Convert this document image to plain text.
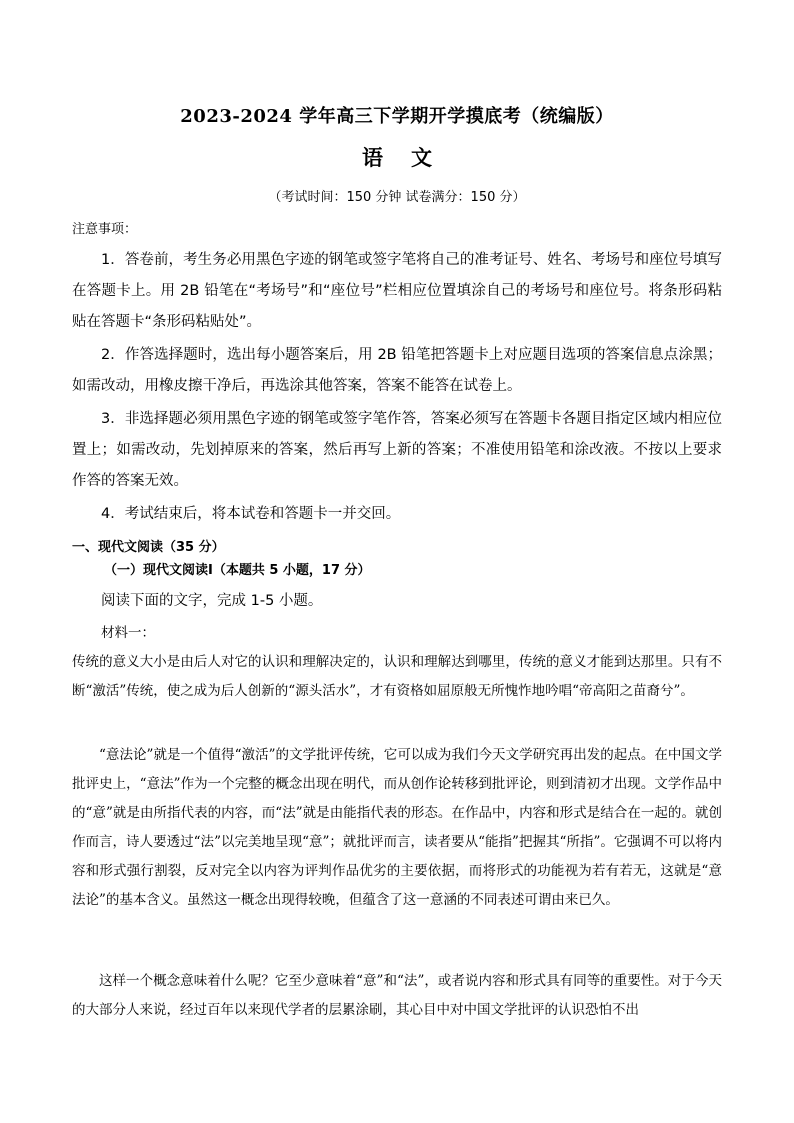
2023-2024 学年高三下学期开学摸底考（统编版）
语 文
（考试时间：150 分钟 试卷满分：150 分）
注意事项：
1．答卷前，考生务必用黑色字迹的钢笔或签字笔将自己的准考证号、姓名、考场号和座位号填写在答题卡上。用 2B 铅笔在“考场号”和“座位号”栏相应位置填涂自己的考场号和座位号。将条形码粘贴在答题卡“条形码粘贴处”。
2．作答选择题时，选出每小题答案后，用 2B 铅笔把答题卡上对应题目选项的答案信息点涂黑；如需改动，用橡皮擦干净后，再选涂其他答案，答案不能答在试卷上。
3．非选择题必须用黑色字迹的钢笔或签字笔作答，答案必须写在答题卡各题目指定区域内相应位置上；如需改动，先划掉原来的答案，然后再写上新的答案；不准使用铅笔和涂改液。不按以上要求作答的答案无效。
4．考试结束后，将本试卷和答题卡一并交回。
一、现代文阅读（35 分）
（一）现代文阅读Ⅰ（本题共 5 小题，17 分）
阅读下面的文字，完成 1-5 小题。
材料一：
传统的意义大小是由后人对它的认识和理解决定的，认识和理解达到哪里，传统的意义才能到达那里。只有不断“激活”传统，使之成为后人创新的“源头活水”，才有资格如屈原般无所愧怍地吟唱“帝高阳之苗裔兮”。
“意法论”就是一个值得“激活”的文学批评传统，它可以成为我们今天文学研究再出发的起点。在中国文学批评史上，“意法”作为一个完整的概念出现在明代，而从创作论转移到批评论，则到清初才出现。文学作品中的“意”就是由所指代表的内容，而“法”就是由能指代表的形态。在作品中，内容和形式是结合在一起的。就创作而言，诗人要透过“法”以完美地呈现“意”；就批评而言，读者要从“能指”把握其“所指”。它强调不可以将内容和形式强行割裂，反对完全以内容为评判作品优劣的主要依据，而将形式的功能视为若有若无，这就是“意法论”的基本含义。虽然这一概念出现得较晚，但蕴含了这一意涵的不同表述可谓由来已久。
这样一个概念意味着什么呢？它至少意味着“意”和“法”，或者说内容和形式具有同等的重要性。对于今天的大部分人来说，经过百年以来现代学者的层累涂刷，其心目中对中国文学批评的认识恐怕不出
